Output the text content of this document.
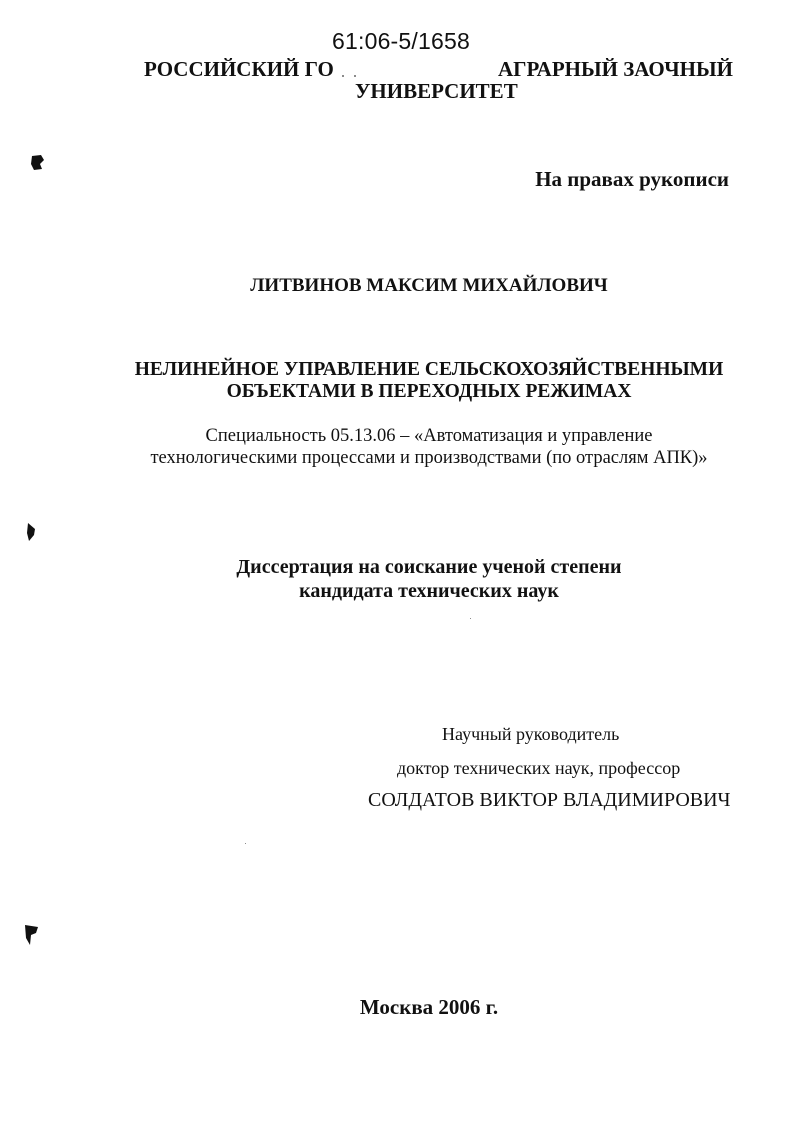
61:06-5/1658
РОССИЙСКИЙ ГО	АГРАРНЫЙ ЗАОЧНЫЙ
УНИВЕРСИТЕТ
На правах рукописи
ЛИТВИНОВ МАКСИМ МИХАЙЛОВИЧ
НЕЛИНЕЙНОЕ УПРАВЛЕНИЕ СЕЛЬСКОХОЗЯЙСТВЕННЫМИ
ОБЪЕКТАМИ В ПЕРЕХОДНЫХ РЕЖИМАХ
Специальность 05.13.06 – «Автоматизация и управление
технологическими процессами и производствами (по отраслям АПК)»
Диссертация на соискание ученой степени
кандидата технических наук
Научный руководитель
доктор технических наук, профессор
СОЛДАТОВ ВИКТОР ВЛАДИМИРОВИЧ
Москва 2006 г.
